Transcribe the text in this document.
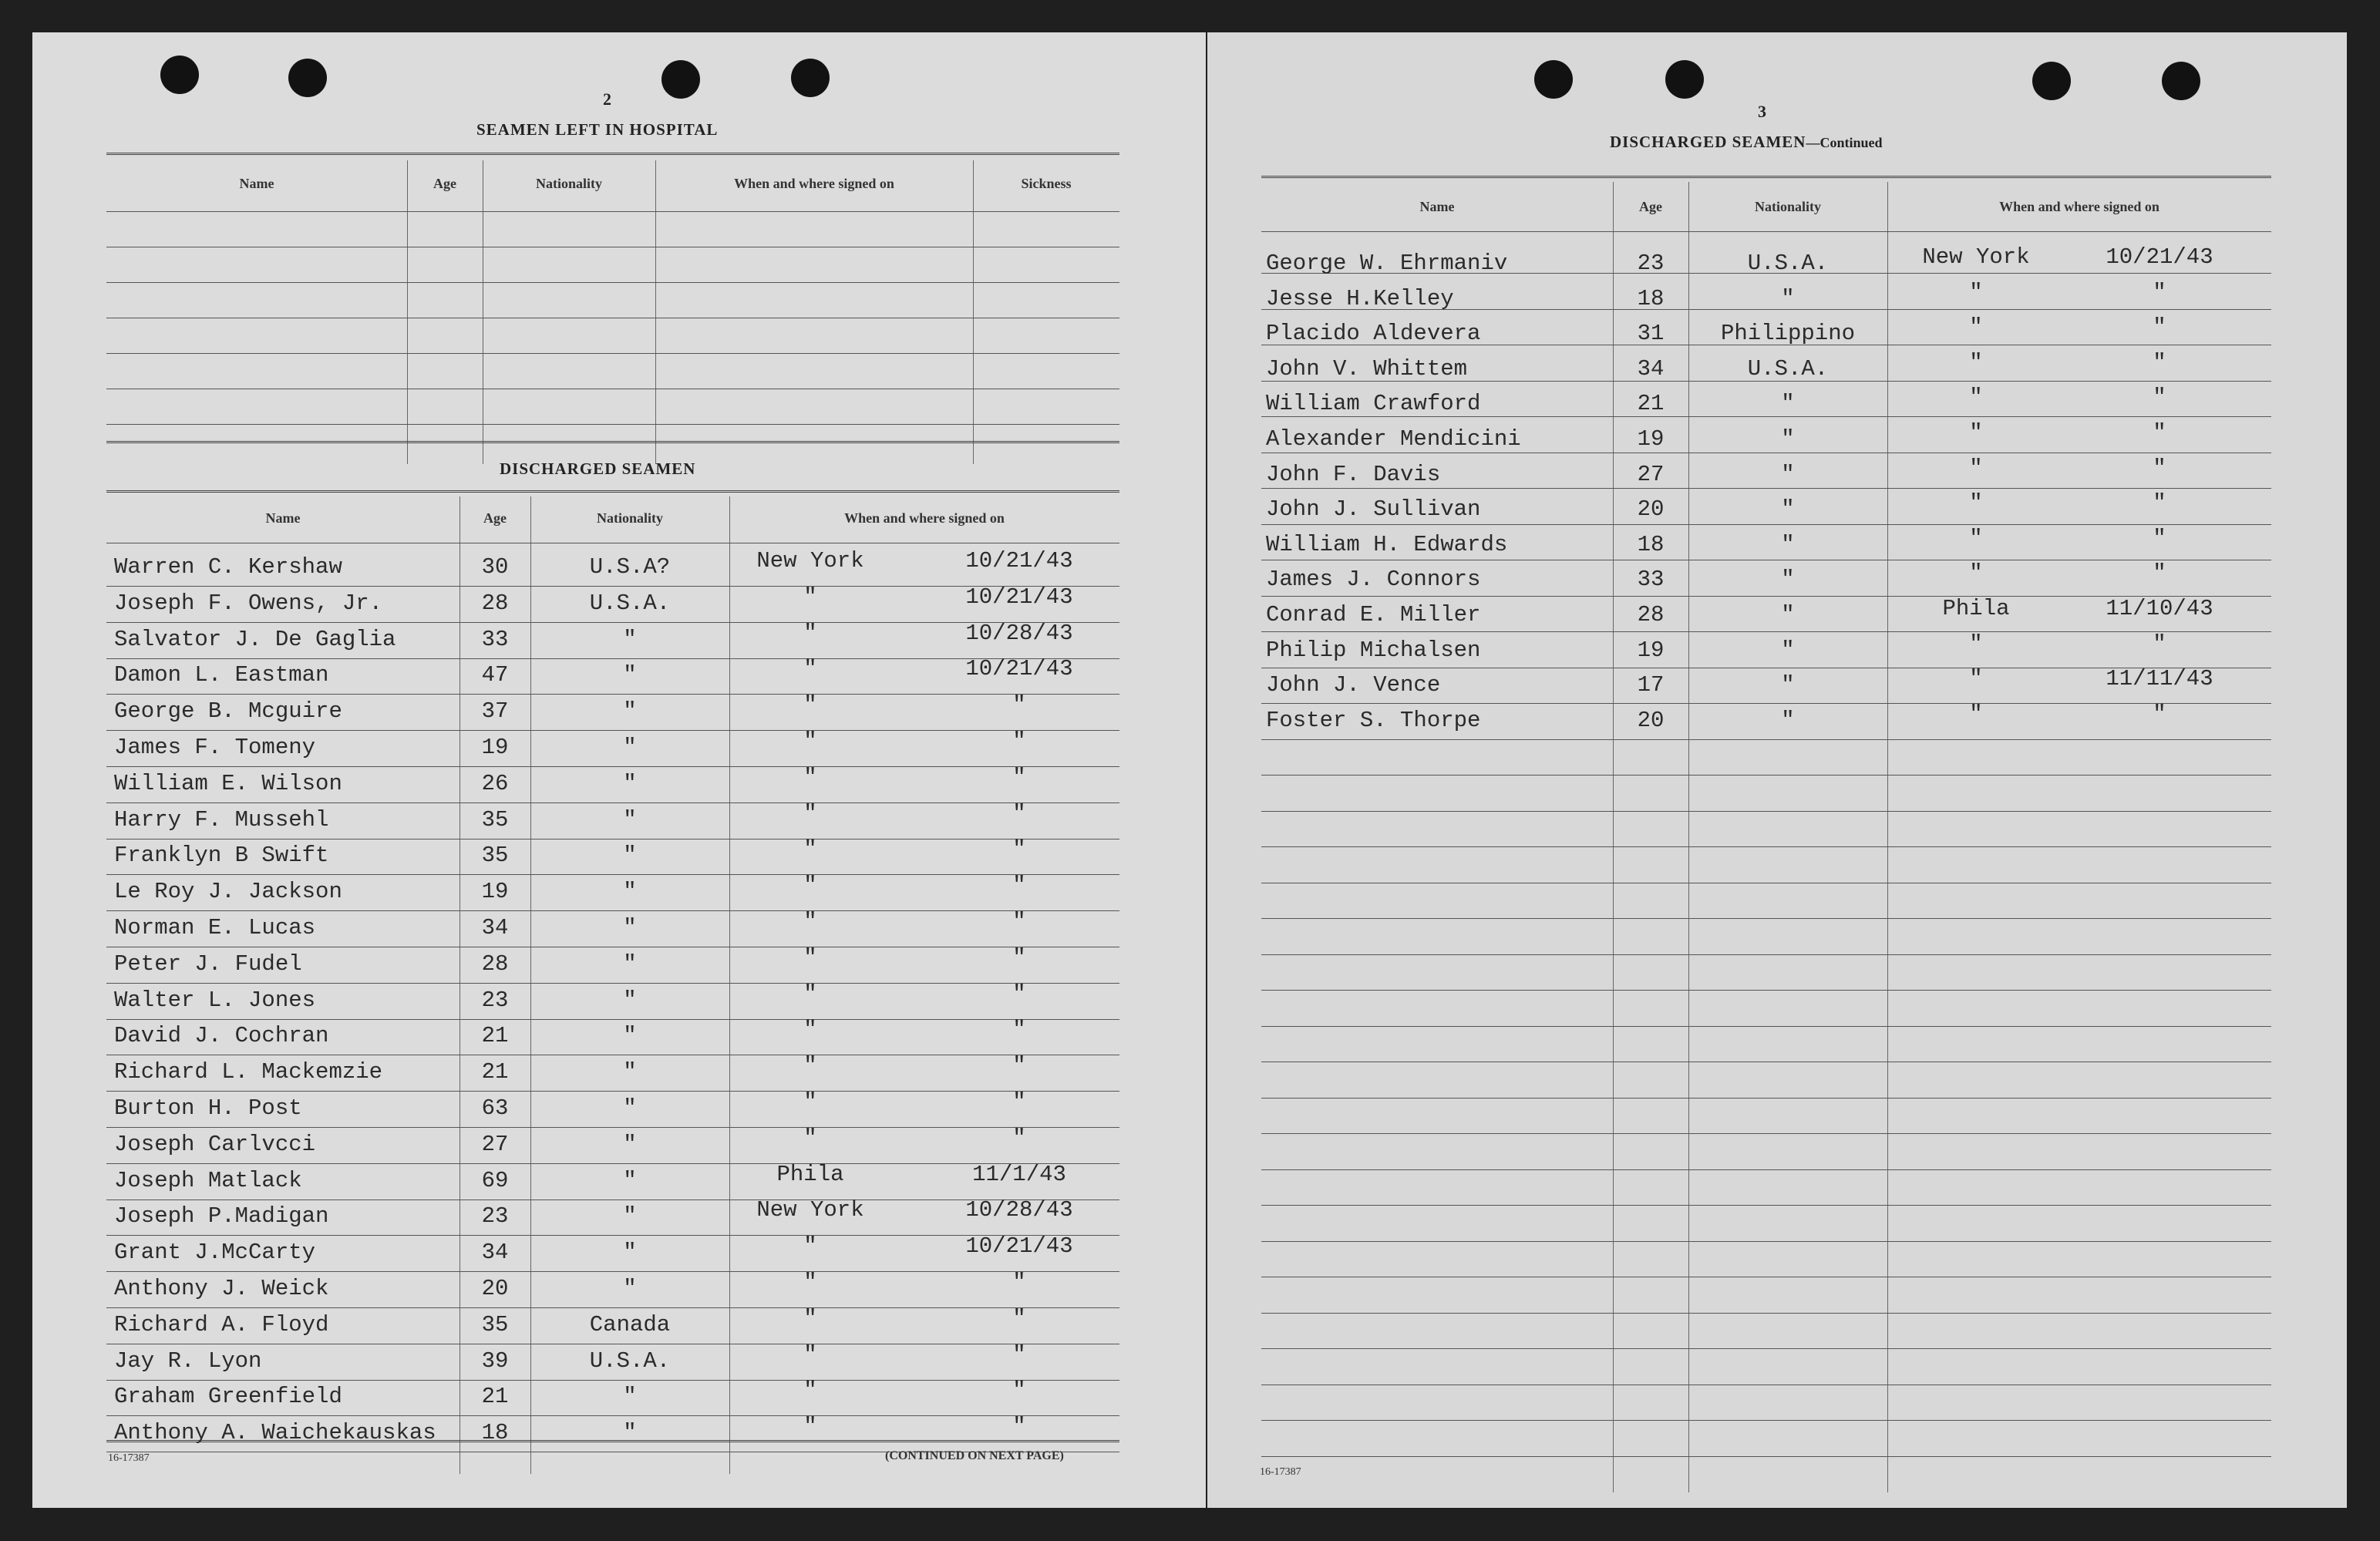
2
SEAMEN LEFT IN HOSPITAL
Name	Age	Nationality	When and where signed on	Sickness
DISCHARGED SEAMEN
Name	Age	Nationality	When and where signed on
Warren C. Kershaw	30	U.S.A?	New York	10/21/43
Joseph F. Owens, Jr.	28	U.S.A.	"	10/21/43
Salvator J. De Gaglia	33	"	"	10/28/43
Damon L. Eastman	47	"	"	10/21/43
George B. Mcguire	37	"	"	"
James F. Tomeny	19	"	"	"
William E. Wilson	26	"	"	"
Harry F. Mussehl	35	"	"	"
Franklyn B Swift	35	"	"	"
Le Roy J. Jackson	19	"	"	"
Norman E. Lucas	34	"	"	"
Peter J. Fudel	28	"	"	"
Walter L. Jones	23	"	"	"
David J. Cochran	21	"	"	"
Richard L. Mackemzie	21	"	"	"
Burton H. Post	63	"	"	"
Joseph Carlvcci	27	"	"	"
Joseph Matlack	69	"	Phila	11/1/43
Joseph P.Madigan	23	"	New York	10/28/43
Grant J.McCarty	34	"	"	10/21/43
Anthony J. Weick	20	"	"	"
Richard A. Floyd	35	Canada	"	"
Jay R. Lyon	39	U.S.A.	"	"
Graham Greenfield	21	"	"	"
Anthony A. Waichekauskas	18	"	"	"
16-17387	(CONTINUED ON NEXT PAGE)
3
DISCHARGED SEAMEN—Continued
Name	Age	Nationality	When and where signed on
George W. Ehrmaniv	23	U.S.A.	New York	10/21/43
Jesse H.Kelley	18	"	"	"
Placido Aldevera	31	Philippino	"	"
John V. Whittem	34	U.S.A.	"	"
William Crawford	21	"	"	"
Alexander Mendicini	19	"	"	"
John F. Davis	27	"	"	"
John J. Sullivan	20	"	"	"
William H. Edwards	18	"	"	"
James J. Connors	33	"	"	"
Conrad E. Miller	28	"	Phila	11/10/43
Philip Michalsen	19	"	"	"
John J. Vence	17	"	"	11/11/43
Foster S. Thorpe	20	"	"	"
16-17387
